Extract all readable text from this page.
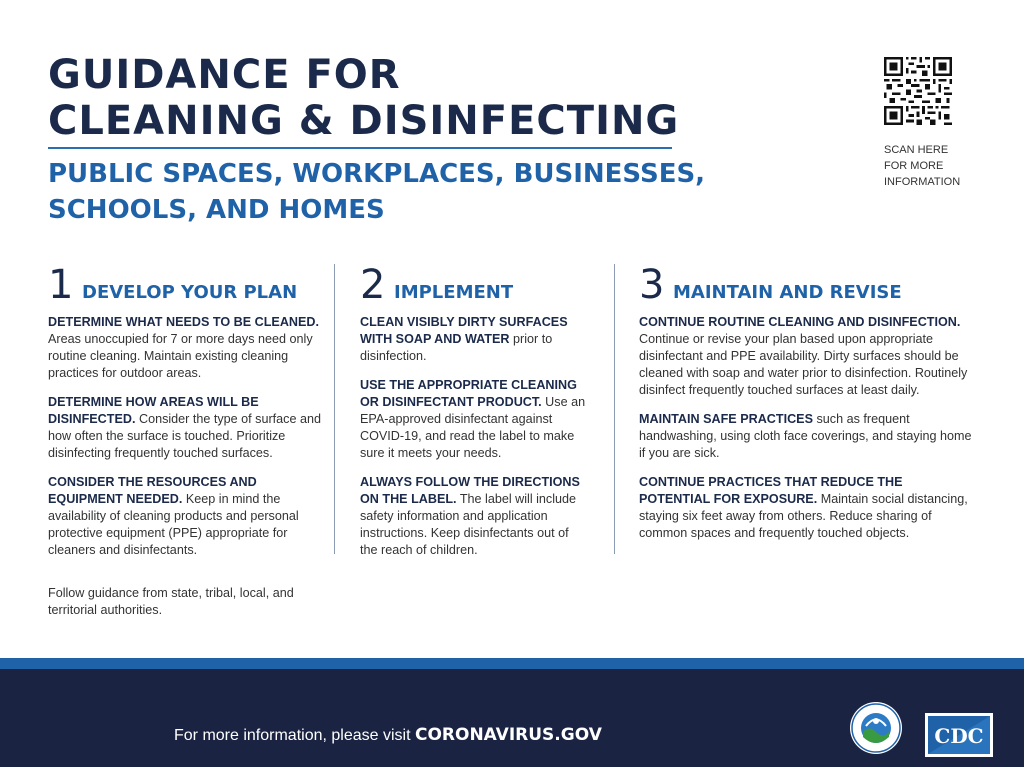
GUIDANCE FOR
CLEANING & DISINFECTING
PUBLIC SPACES, WORKPLACES, BUSINESSES, SCHOOLS, AND HOMES
SCAN HERE
FOR MORE
INFORMATION
1 DEVELOP YOUR PLAN

DETERMINE WHAT NEEDS TO BE CLEANED. Areas unoccupied for 7 or more days need only routine cleaning. Maintain existing cleaning practices for outdoor areas.

DETERMINE HOW AREAS WILL BE DISINFECTED. Consider the type of surface and how often the surface is touched. Prioritize disinfecting frequently touched surfaces.

CONSIDER THE RESOURCES AND EQUIPMENT NEEDED. Keep in mind the availability of cleaning products and personal protective equipment (PPE) appropriate for cleaners and disinfectants.

Follow guidance from state, tribal, local, and territorial authorities.
2 IMPLEMENT

CLEAN VISIBLY DIRTY SURFACES WITH SOAP AND WATER prior to disinfection.

USE THE APPROPRIATE CLEANING OR DISINFECTANT PRODUCT. Use an EPA-approved disinfectant against COVID-19, and read the label to make sure it meets your needs.

ALWAYS FOLLOW THE DIRECTIONS ON THE LABEL. The label will include safety information and application instructions. Keep disinfectants out of the reach of children.

3 MAINTAIN AND REVISE

CONTINUE ROUTINE CLEANING AND DISINFECTION. Continue or revise your plan based upon appropriate disinfectant and PPE availability. Dirty surfaces should be cleaned with soap and water prior to disinfection. Routinely disinfect frequently touched surfaces at least daily.

MAINTAIN SAFE PRACTICES such as frequent handwashing, using cloth face coverings, and staying home if you are sick.

CONTINUE PRACTICES THAT REDUCE THE POTENTIAL FOR EXPOSURE. Maintain social distancing, staying six feet away from others. Reduce sharing of common spaces and frequently touched objects.

For more information, please visit CORONAVIRUS.GOV	CDC
